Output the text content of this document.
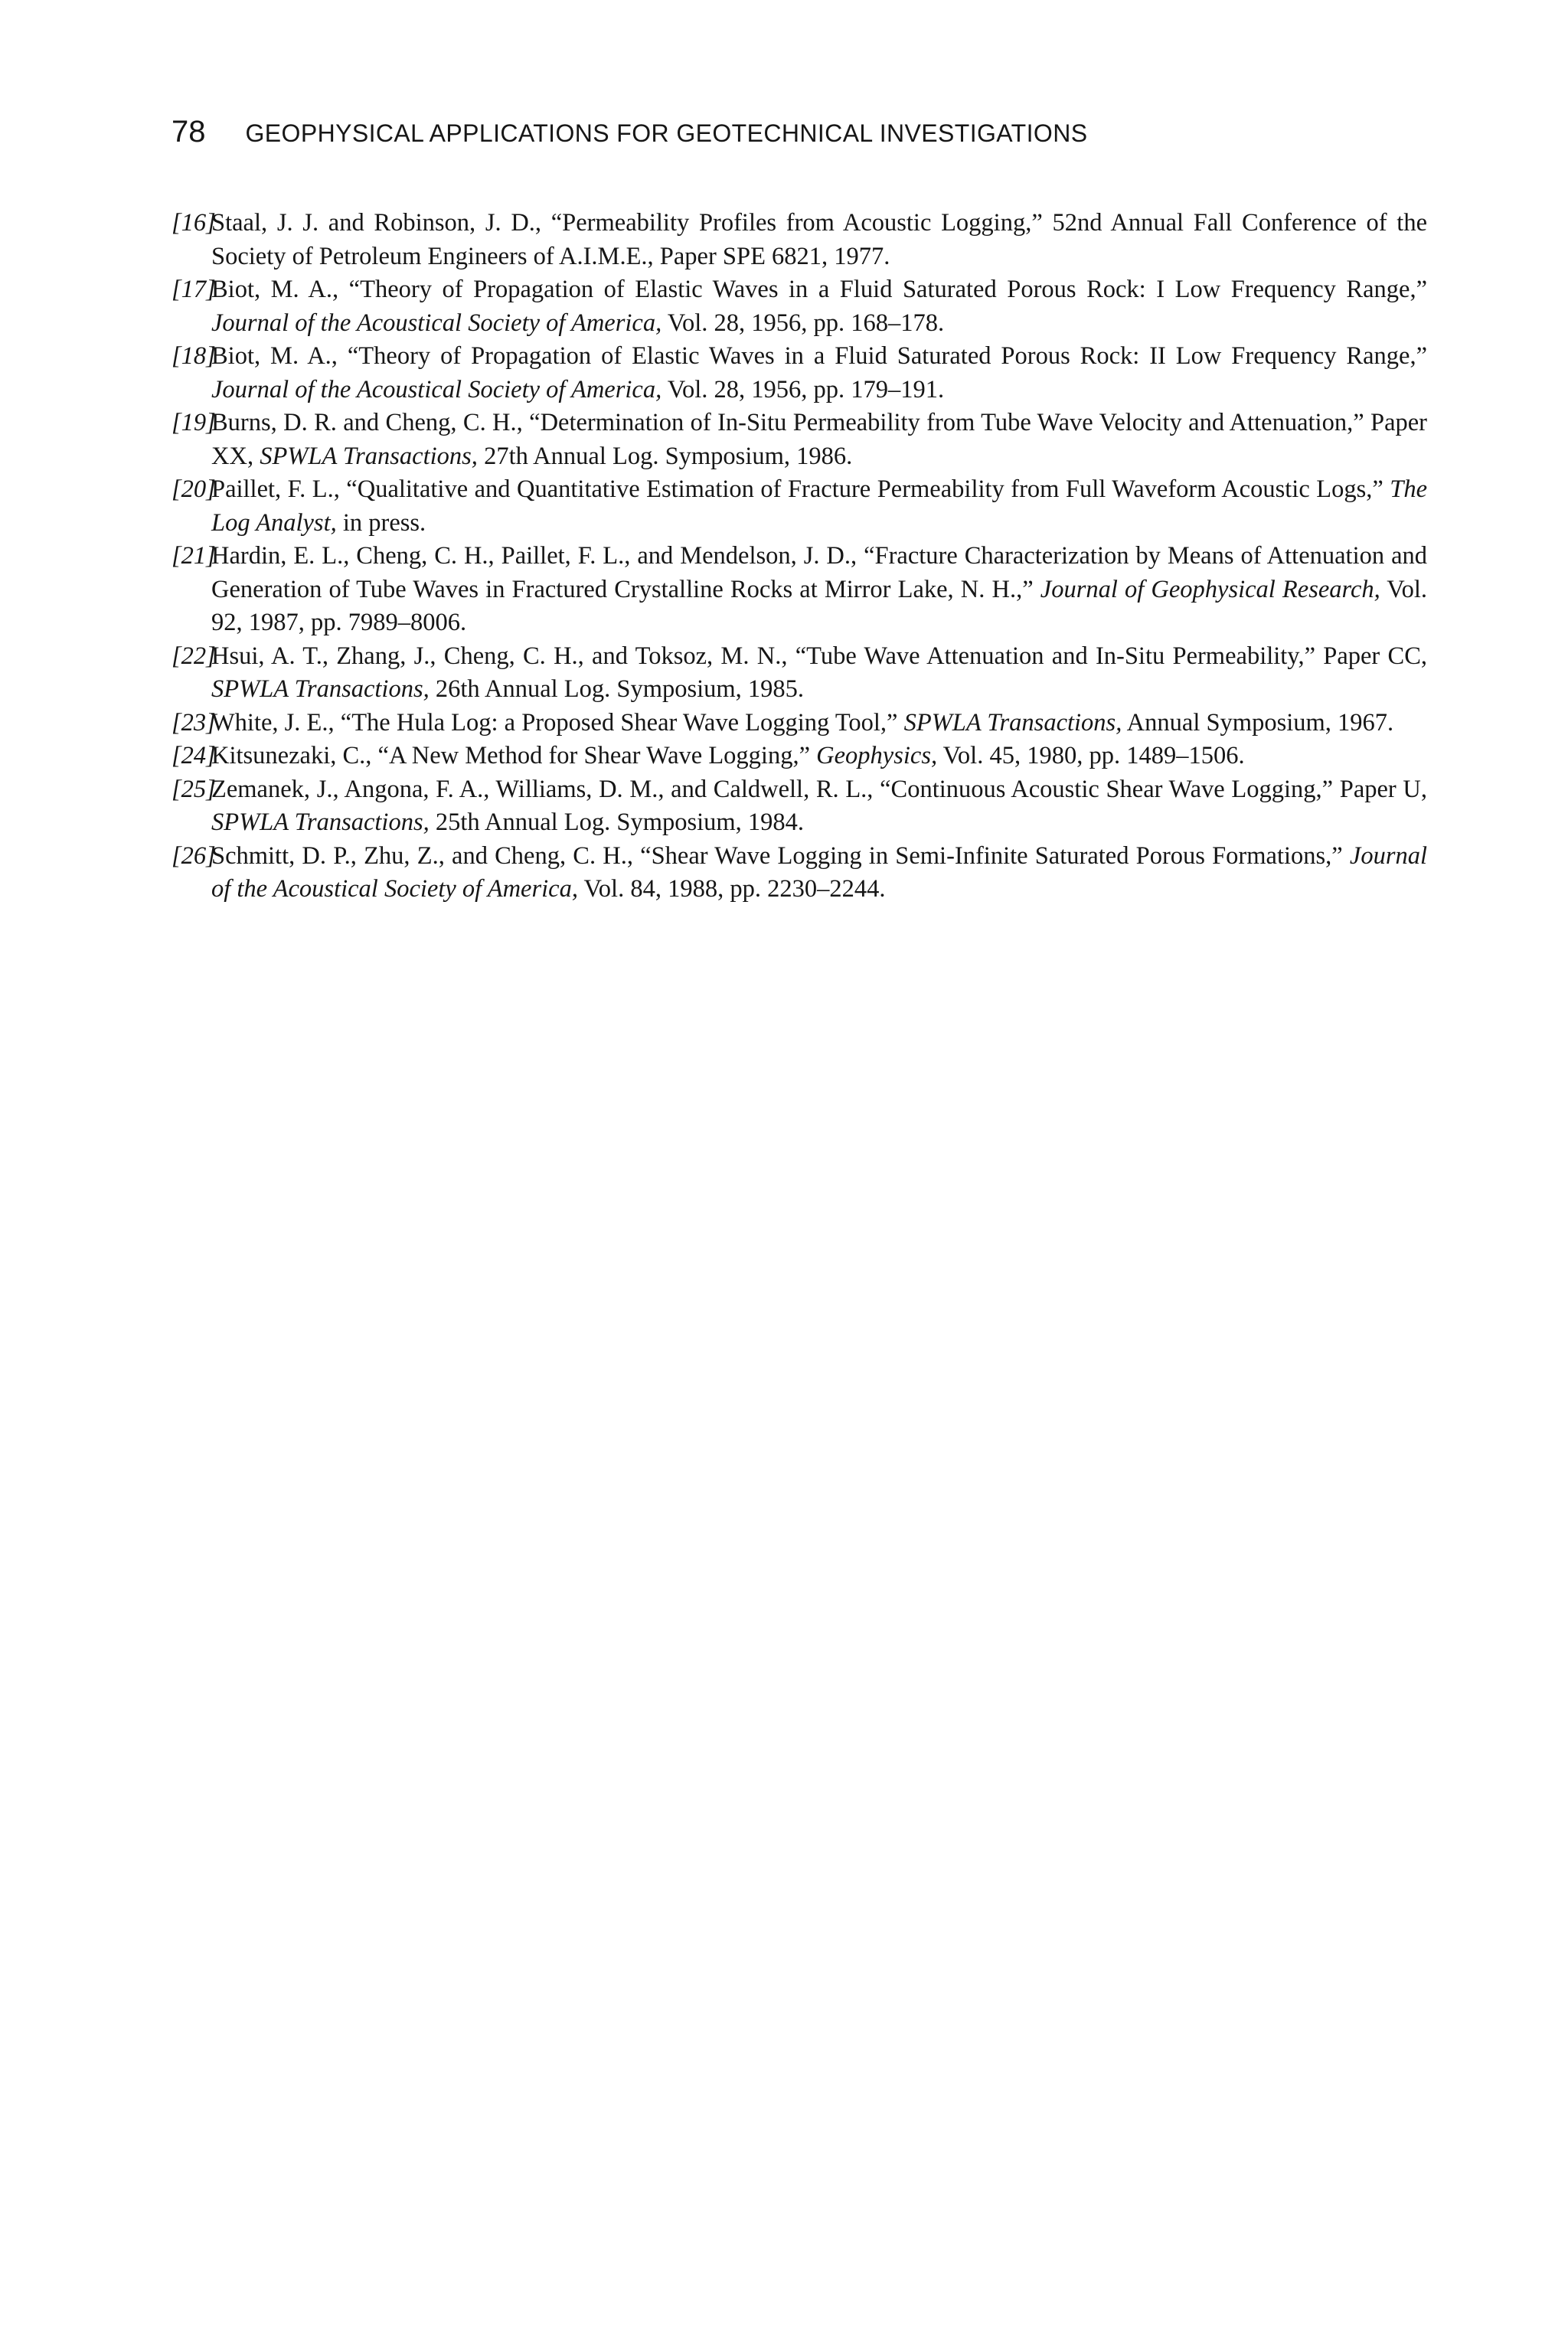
78 GEOPHYSICAL APPLICATIONS FOR GEOTECHNICAL INVESTIGATIONS
[16]
Staal, J. J. and Robinson, J. D., “Permeability Profiles from Acoustic Logging,” 52nd Annual Fall Conference of the Society of Petroleum Engineers of A.I.M.E., Paper SPE 6821, 1977.
[17]
Biot, M. A., “Theory of Propagation of Elastic Waves in a Fluid Saturated Porous Rock: I Low Frequency Range,” Journal of the Acoustical Society of America, Vol. 28, 1956, pp. 168–178.
[18]
Biot, M. A., “Theory of Propagation of Elastic Waves in a Fluid Saturated Porous Rock: II Low Frequency Range,” Journal of the Acoustical Society of America, Vol. 28, 1956, pp. 179–191.
[19]
Burns, D. R. and Cheng, C. H., “Determination of In-Situ Permeability from Tube Wave Velocity and Attenuation,” Paper XX, SPWLA Transactions, 27th Annual Log. Symposium, 1986.
[20]
Paillet, F. L., “Qualitative and Quantitative Estimation of Fracture Permeability from Full Waveform Acoustic Logs,” The Log Analyst, in press.
[21]
Hardin, E. L., Cheng, C. H., Paillet, F. L., and Mendelson, J. D., “Fracture Characterization by Means of Attenuation and Generation of Tube Waves in Fractured Crystalline Rocks at Mirror Lake, N. H.,” Journal of Geophysical Research, Vol. 92, 1987, pp. 7989–8006.
[22]
Hsui, A. T., Zhang, J., Cheng, C. H., and Toksoz, M. N., “Tube Wave Attenuation and In-Situ Permeability,” Paper CC, SPWLA Transactions, 26th Annual Log. Symposium, 1985.
[23]
White, J. E., “The Hula Log: a Proposed Shear Wave Logging Tool,” SPWLA Transactions, Annual Symposium, 1967.
[24]
Kitsunezaki, C., “A New Method for Shear Wave Logging,” Geophysics, Vol. 45, 1980, pp. 1489–1506.
[25]
Zemanek, J., Angona, F. A., Williams, D. M., and Caldwell, R. L., “Continuous Acoustic Shear Wave Logging,” Paper U, SPWLA Transactions, 25th Annual Log. Symposium, 1984.
[26]
Schmitt, D. P., Zhu, Z., and Cheng, C. H., “Shear Wave Logging in Semi-Infinite Saturated Porous Formations,” Journal of the Acoustical Society of America, Vol. 84, 1988, pp. 2230–2244.
